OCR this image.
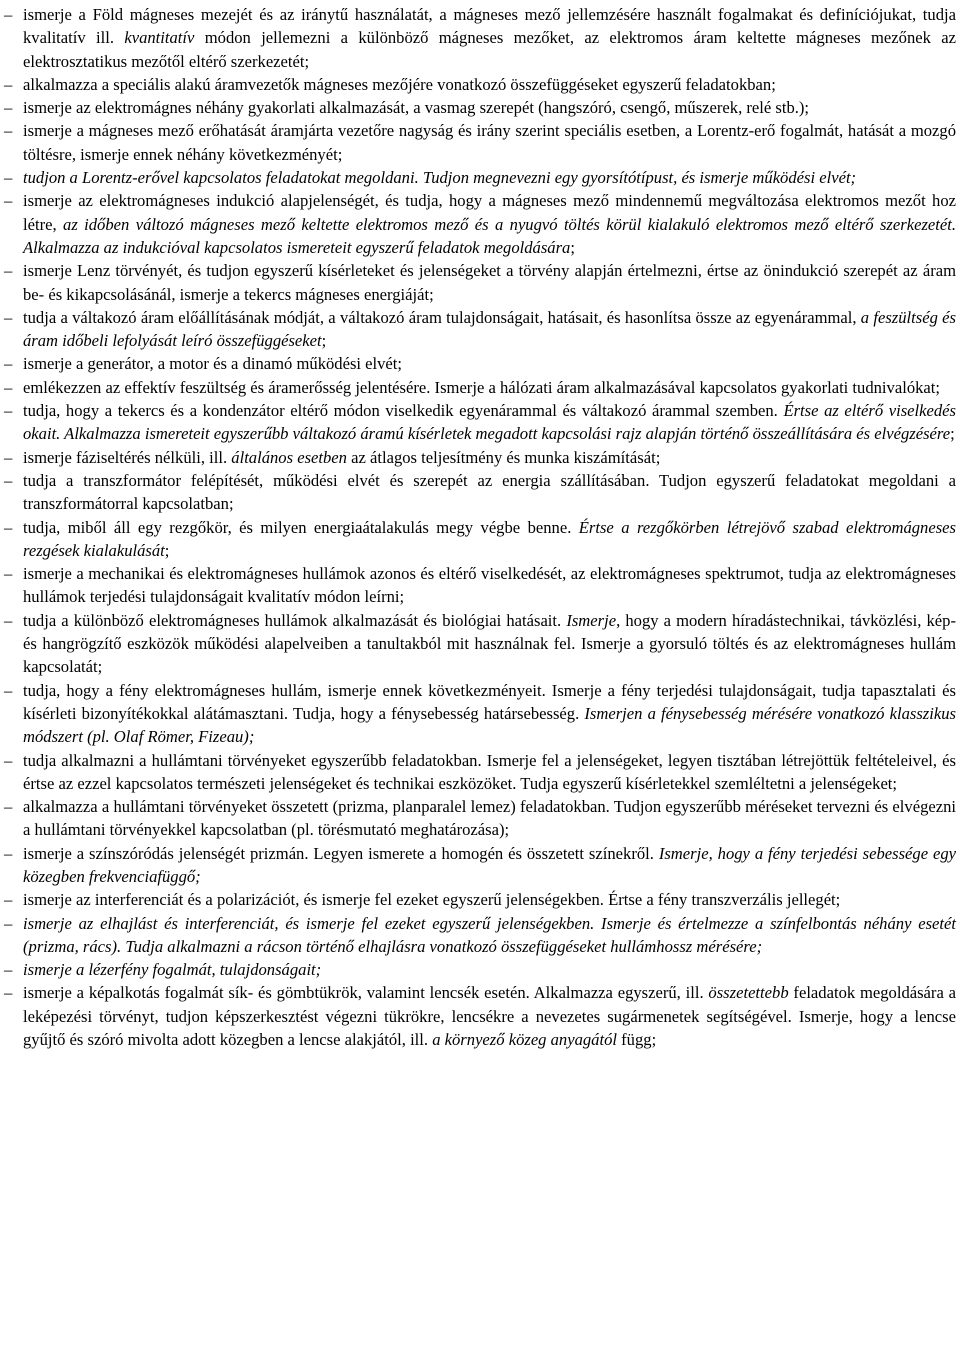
– ismerje a Föld mágneses mezejét és az iránytű használatát, a mágneses mező jellemzésére használt fogalmakat és definíciójukat, tudja kvalitatív ill. kvantitatív módon jellemezni a különböző mágneses mezőket, az elektromos áram keltette mágneses mezőnek az elektrosztatikus mezőtől eltérő szerkezetét;
– alkalmazza a speciális alakú áramvezetők mágneses mezőjére vonatkozó összefüggéseket egyszerű feladatokban;
– ismerje az elektromágnes néhány gyakorlati alkalmazását, a vasmag szerepét (hangszóró, csengő, műszerek, relé stb.);
– ismerje a mágneses mező erőhatását áramjárta vezetőre nagyság és irány szerint speciális esetben, a Lorentz-erő fogalmát, hatását a mozgó töltésre, ismerje ennek néhány következményét;
– tudjon a Lorentz-erővel kapcsolatos feladatokat megoldani. Tudjon megnevezni egy gyorsítótípust, és ismerje működési elvét;
– ismerje az elektromágneses indukció alapjelenségét, és tudja, hogy a mágneses mező mindennemű megváltozása elektromos mezőt hoz létre, az időben változó mágneses mező keltette elektromos mező és a nyugvó töltés körül kialakuló elektromos mező eltérő szerkezetét. Alkalmazza az indukcióval kapcsolatos ismereteit egyszerű feladatok megoldására;
– ismerje Lenz törvényét, és tudjon egyszerű kísérleteket és jelenségeket a törvény alapján értelmezni, értse az önindukció szerepét az áram be- és kikapcsolásánál, ismerje a tekercs mágneses energiáját;
– tudja a váltakozó áram előállításának módját, a váltakozó áram tulajdonságait, hatásait, és hasonlítsa össze az egyenárammal, a feszültség és áram időbeli lefolyását leíró összefüggéseket;
– ismerje a generátor, a motor és a dinamó működési elvét;
– emlékezzen az effektív feszültség és áramerősség jelentésére. Ismerje a hálózati áram alkalmazásával kapcsolatos gyakorlati tudnivalókat;
– tudja, hogy a tekercs és a kondenzátor eltérő módon viselkedik egyenárammal és váltakozó árammal szemben. Értse az eltérő viselkedés okait. Alkalmazza ismereteit egyszerűbb váltakozó áramú kísérletek megadott kapcsolási rajz alapján történő összeállítására és elvégzésére;
– ismerje fáziseltérés nélküli, ill. általános esetben az átlagos teljesítmény és munka kiszámítását;
– tudja a transzformátor felépítését, működési elvét és szerepét az energia szállításában. Tudjon egyszerű feladatokat megoldani a transzformátorral kapcsolatban;
– tudja, miből áll egy rezgőkör, és milyen energiaátalakulás megy végbe benne. Értse a rezgőkörben létrejövő szabad elektromágneses rezgések kialakulását;
– ismerje a mechanikai és elektromágneses hullámok azonos és eltérő viselkedését, az elektromágneses spektrumot, tudja az elektromágneses hullámok terjedési tulajdonságait kvalitatív módon leírni;
– tudja a különböző elektromágneses hullámok alkalmazását és biológiai hatásait. Ismerje, hogy a modern híradástechnikai, távközlési, kép- és hangrögzítő eszközök működési alapelveiben a tanultakból mit használnak fel. Ismerje a gyorsuló töltés és az elektromágneses hullám kapcsolatát;
– tudja, hogy a fény elektromágneses hullám, ismerje ennek következményeit. Ismerje a fény terjedési tulajdonságait, tudja tapasztalati és kísérleti bizonyítékokkal alátámasztani. Tudja, hogy a fénysebesség határsebesség. Ismerjen a fénysebesség mérésére vonatkozó klasszikus módszert (pl. Olaf Römer, Fizeau);
– tudja alkalmazni a hullámtani törvényeket egyszerűbb feladatokban. Ismerje fel a jelenségeket, legyen tisztában létrejöttük feltételeivel, és értse az ezzel kapcsolatos természeti jelenségeket és technikai eszközöket. Tudja egyszerű kísérletekkel szemléltetni a jelenségeket;
– alkalmazza a hullámtani törvényeket összetett (prizma, planparalel lemez) feladatokban. Tudjon egyszerűbb méréseket tervezni és elvégezni a hullámtani törvényekkel kapcsolatban (pl. törésmutató meghatározása);
– ismerje a színszóródás jelenségét prizmán. Legyen ismerete a homogén és összetett színekről. Ismerje, hogy a fény terjedési sebessége egy közegben frekvenciafüggő;
– ismerje az interferenciát és a polarizációt, és ismerje fel ezeket egyszerű jelenségekben. Értse a fény transzverzális jellegét;
– ismerje az elhajlást és interferenciát, és ismerje fel ezeket egyszerű jelenségekben. Ismerje és értelmezze a színfelbontás néhány esetét (prizma, rács). Tudja alkalmazni a rácson történő elhajlásra vonatkozó összefüggéseket hullámhossz mérésére;
– ismerje a lézerfény fogalmát, tulajdonságait;
– ismerje a képalkotás fogalmát sík- és gömbtükrök, valamint lencsék esetén. Alkalmazza egyszerű, ill. összetettebb feladatok megoldására a leképezési törvényt, tudjon képszerkesztést végezni tükrökre, lencsékre a nevezetes sugármenetek segítségével. Ismerje, hogy a lencse gyűjtő és szóró mivolta adott közegben a lencse alakjától, ill. a környező közeg anyagától függ;
